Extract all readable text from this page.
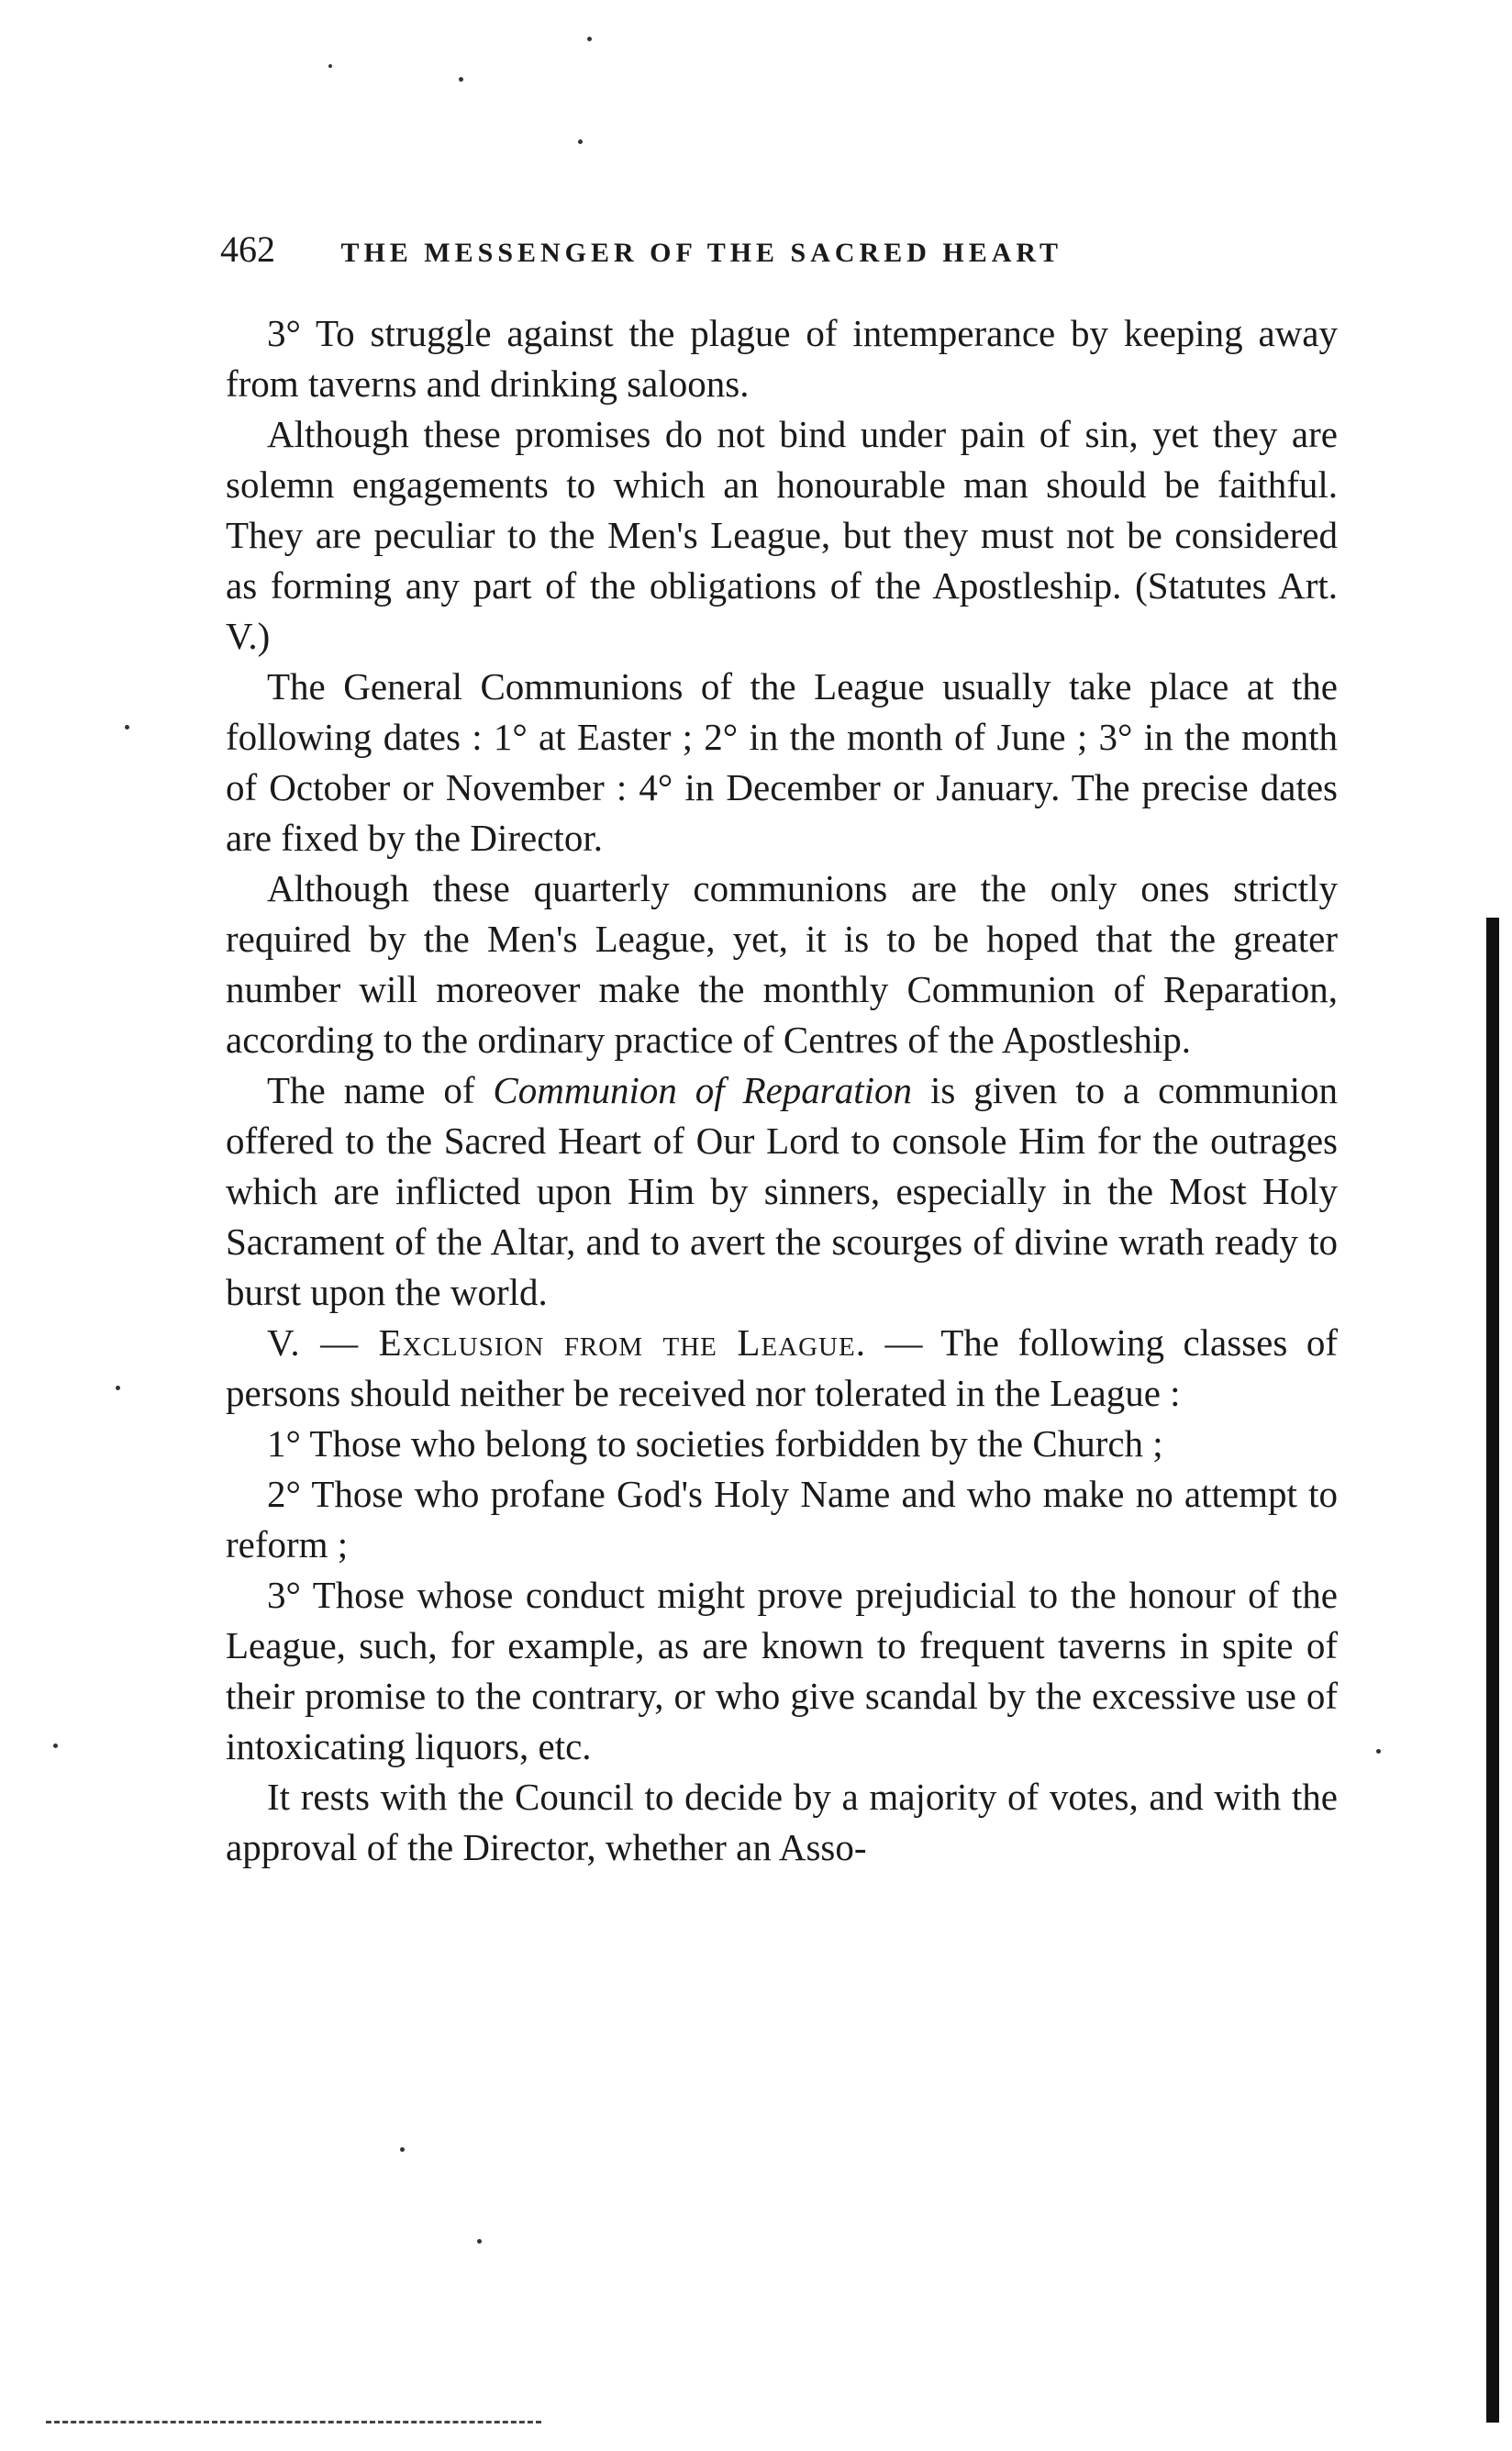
462 THE MESSENGER OF THE SACRED HEART

3° To struggle against the plague of intemperance by keeping away from taverns and drinking saloons.

Although these promises do not bind under pain of sin, yet they are solemn engagements to which an honourable man should be faithful. They are peculiar to the Men's League, but they must not be considered as forming any part of the obligations of the Apostleship. (Statutes Art. V.)

The General Communions of the League usually take place at the following dates : 1° at Easter ; 2° in the month of June ; 3° in the month of October or November : 4° in December or January. The precise dates are fixed by the Director.

Although these quarterly communions are the only ones strictly required by the Men's League, yet, it is to be hoped that the greater number will moreover make the monthly Communion of Reparation, according to the ordinary practice of Centres of the Apostleship.

The name of Communion of Reparation is given to a communion offered to the Sacred Heart of Our Lord to console Him for the outrages which are inflicted upon Him by sinners, especially in the Most Holy Sacrament of the Altar, and to avert the scourges of divine wrath ready to burst upon the world.

V. — Exclusion from the League. — The following classes of persons should neither be received nor tolerated in the League :

1° Those who belong to societies forbidden by the Church ;

2° Those who profane God's Holy Name and who make no attempt to reform ;

3° Those whose conduct might prove prejudicial to the honour of the League, such, for example, as are known to frequent taverns in spite of their promise to the contrary, or who give scandal by the excessive use of intoxicating liquors, etc.

It rests with the Council to decide by a majority of votes, and with the approval of the Director, whether an Asso-
